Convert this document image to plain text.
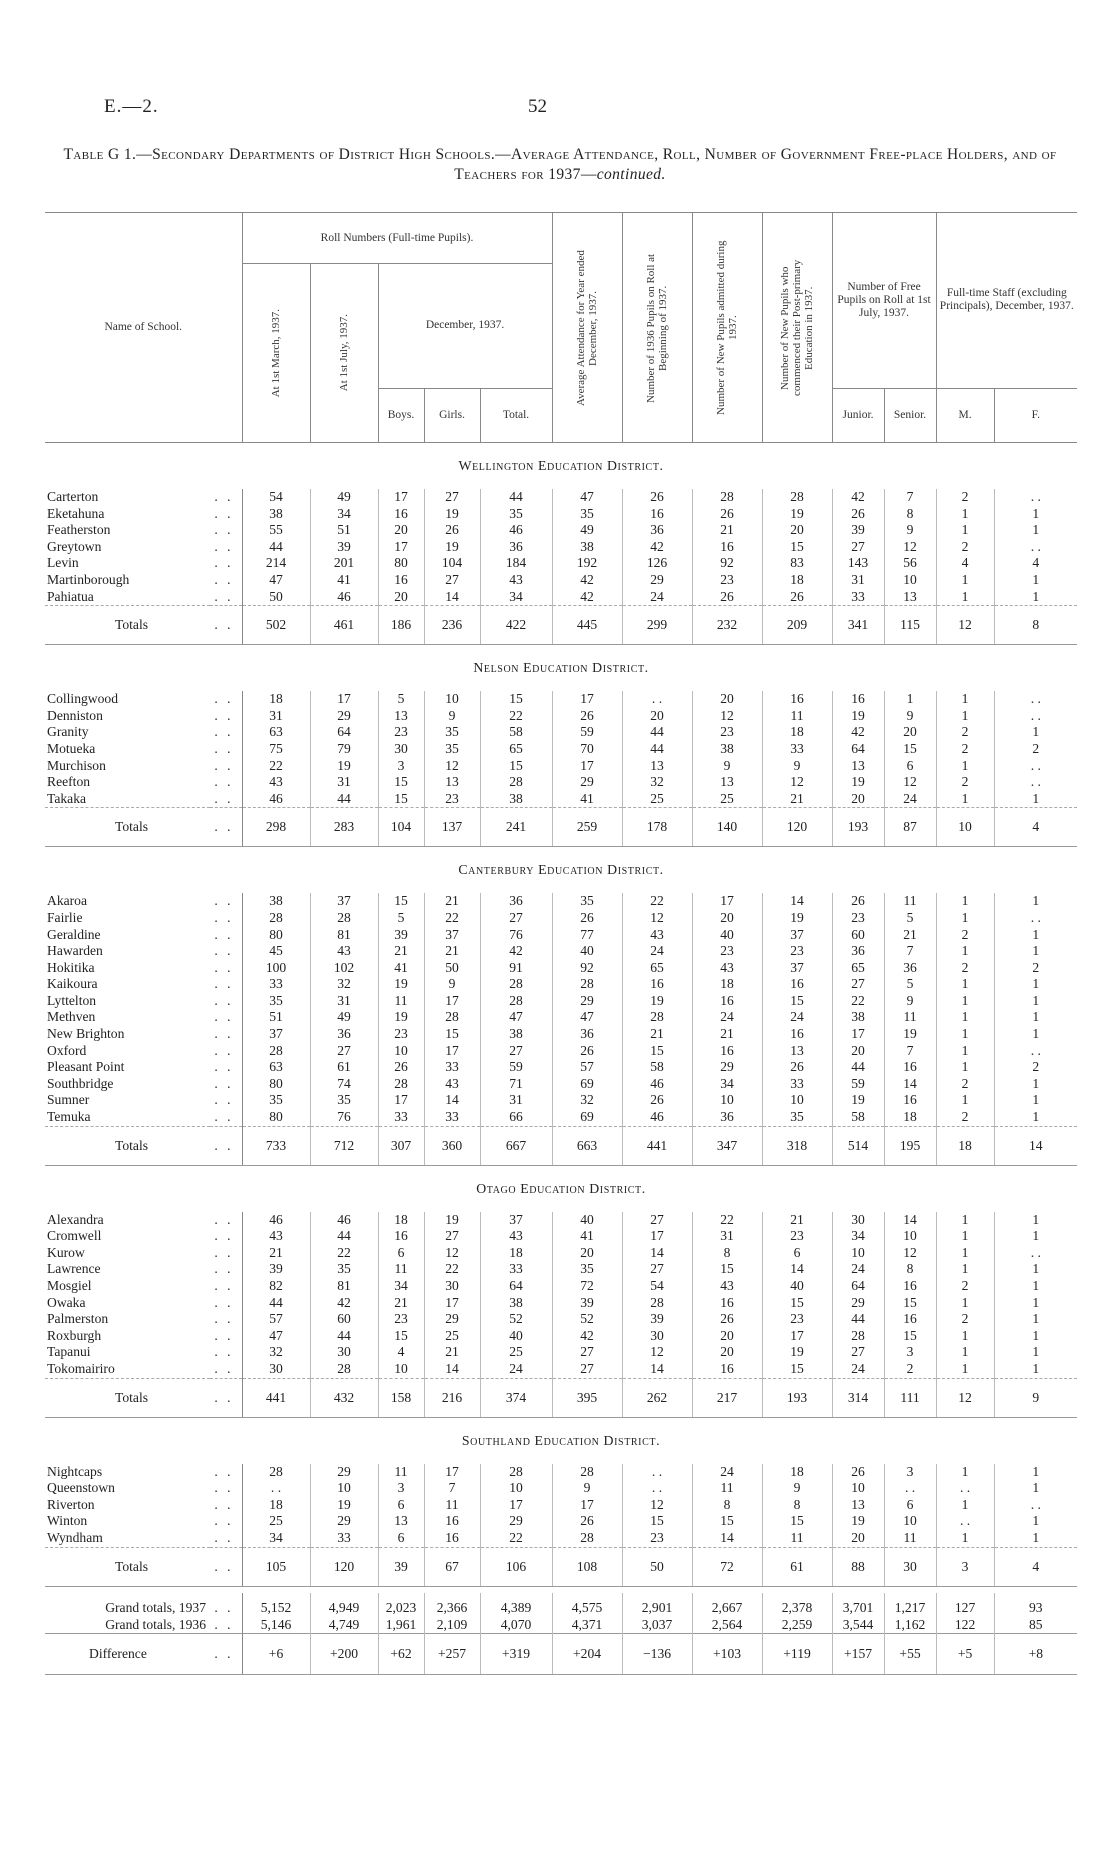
E.—2.	52
Table G 1.—Secondary Departments of District High Schools.—Average Attendance, Roll, Number of Government Free-place Holders, and of Teachers for 1937—continued.
Name of School.		Roll Numbers (Full-time Pupils).					Average Attendance for Year ended December, 1937.	Number of 1936 Pupils on Roll at Beginning of 1937.	Number of New Pupils admitted during 1937.	Number of New Pupils who commenced their Post-primary Education in 1937.	Number of Free Pupils on Roll at 1st July, 1937.		Full-time Staff (excluding Principals), December, 1937.	

		At 1st March, 1937.	At 1st July, 1937.	December, 1937.										
				Boys.	Girls.	Total.					Junior.	Senior.	M.	F.
Wellington Education District.														
Carterton	. .	54	49	17	27	44	47	26	28	28	42	7	2	. .
Eketahuna	. .	38	34	16	19	35	35	16	26	19	26	8	1	1
Featherston	. .	55	51	20	26	46	49	36	21	20	39	9	1	1
Greytown	. .	44	39	17	19	36	38	42	16	15	27	12	2	. .
Levin	. .	214	201	80	104	184	192	126	92	83	143	56	4	4
Martinborough	. .	47	41	16	27	43	42	29	23	18	31	10	1	1
Pahiatua	. .	50	46	20	14	34	42	24	26	26	33	13	1	1
Totals	. .	502	461	186	236	422	445	299	232	209	341	115	12	8
Nelson Education District.														
Collingwood	. .	18	17	5	10	15	17	. .	20	16	16	1	1	. .
Denniston	. .	31	29	13	9	22	26	20	12	11	19	9	1	. .
Granity	. .	63	64	23	35	58	59	44	23	18	42	20	2	1
Motueka	. .	75	79	30	35	65	70	44	38	33	64	15	2	2
Murchison	. .	22	19	3	12	15	17	13	9	9	13	6	1	. .
Reefton	. .	43	31	15	13	28	29	32	13	12	19	12	2	. .
Takaka	. .	46	44	15	23	38	41	25	25	21	20	24	1	1
Totals	. .	298	283	104	137	241	259	178	140	120	193	87	10	4
Canterbury Education District.														
Akaroa	. .	38	37	15	21	36	35	22	17	14	26	11	1	1
Fairlie	. .	28	28	5	22	27	26	12	20	19	23	5	1	. .
Geraldine	. .	80	81	39	37	76	77	43	40	37	60	21	2	1
Hawarden	. .	45	43	21	21	42	40	24	23	23	36	7	1	1
Hokitika	. .	100	102	41	50	91	92	65	43	37	65	36	2	2
Kaikoura	. .	33	32	19	9	28	28	16	18	16	27	5	1	1
Lyttelton	. .	35	31	11	17	28	29	19	16	15	22	9	1	1
Methven	. .	51	49	19	28	47	47	28	24	24	38	11	1	1
New Brighton	. .	37	36	23	15	38	36	21	21	16	17	19	1	1
Oxford	. .	28	27	10	17	27	26	15	16	13	20	7	1	. .
Pleasant Point	. .	63	61	26	33	59	57	58	29	26	44	16	1	2
Southbridge	. .	80	74	28	43	71	69	46	34	33	59	14	2	1
Sumner	. .	35	35	17	14	31	32	26	10	10	19	16	1	1
Temuka	. .	80	76	33	33	66	69	46	36	35	58	18	2	1
Totals	. .	733	712	307	360	667	663	441	347	318	514	195	18	14
Otago Education District.														
Alexandra	. .	46	46	18	19	37	40	27	22	21	30	14	1	1
Cromwell	. .	43	44	16	27	43	41	17	31	23	34	10	1	1
Kurow	. .	21	22	6	12	18	20	14	8	6	10	12	1	. .
Lawrence	. .	39	35	11	22	33	35	27	15	14	24	8	1	1
Mosgiel	. .	82	81	34	30	64	72	54	43	40	64	16	2	1
Owaka	. .	44	42	21	17	38	39	28	16	15	29	15	1	1
Palmerston	. .	57	60	23	29	52	52	39	26	23	44	16	2	1
Roxburgh	. .	47	44	15	25	40	42	30	20	17	28	15	1	1
Tapanui	. .	32	30	4	21	25	27	12	20	19	27	3	1	1
Tokomairiro	. .	30	28	10	14	24	27	14	16	15	24	2	1	1
Totals	. .	441	432	158	216	374	395	262	217	193	314	111	12	9
Southland Education District.														
Nightcaps	. .	28	29	11	17	28	28	. .	24	18	26	3	1	1
Queenstown	. .	. .	10	3	7	10	9	. .	11	9	10	. .	. .	1
Riverton	. .	18	19	6	11	17	17	12	8	8	13	6	1	. .
Winton	. .	25	29	13	16	29	26	15	15	15	19	10	. .	1
Wyndham	. .	34	33	6	16	22	28	23	14	11	20	11	1	1
Totals	. .	105	120	39	67	106	108	50	72	61	88	30	3	4

Grand totals, 1937	. .	5,152	4,949	2,023	2,366	4,389	4,575	2,901	2,667	2,378	3,701	1,217	127	93
Grand totals, 1936	. .	5,146	4,749	1,961	2,109	4,070	4,371	3,037	2,564	2,259	3,544	1,162	122	85
Difference	. .	+6	+200	+62	+257	+319	+204	−136	+103	+119	+157	+55	+5	+8
